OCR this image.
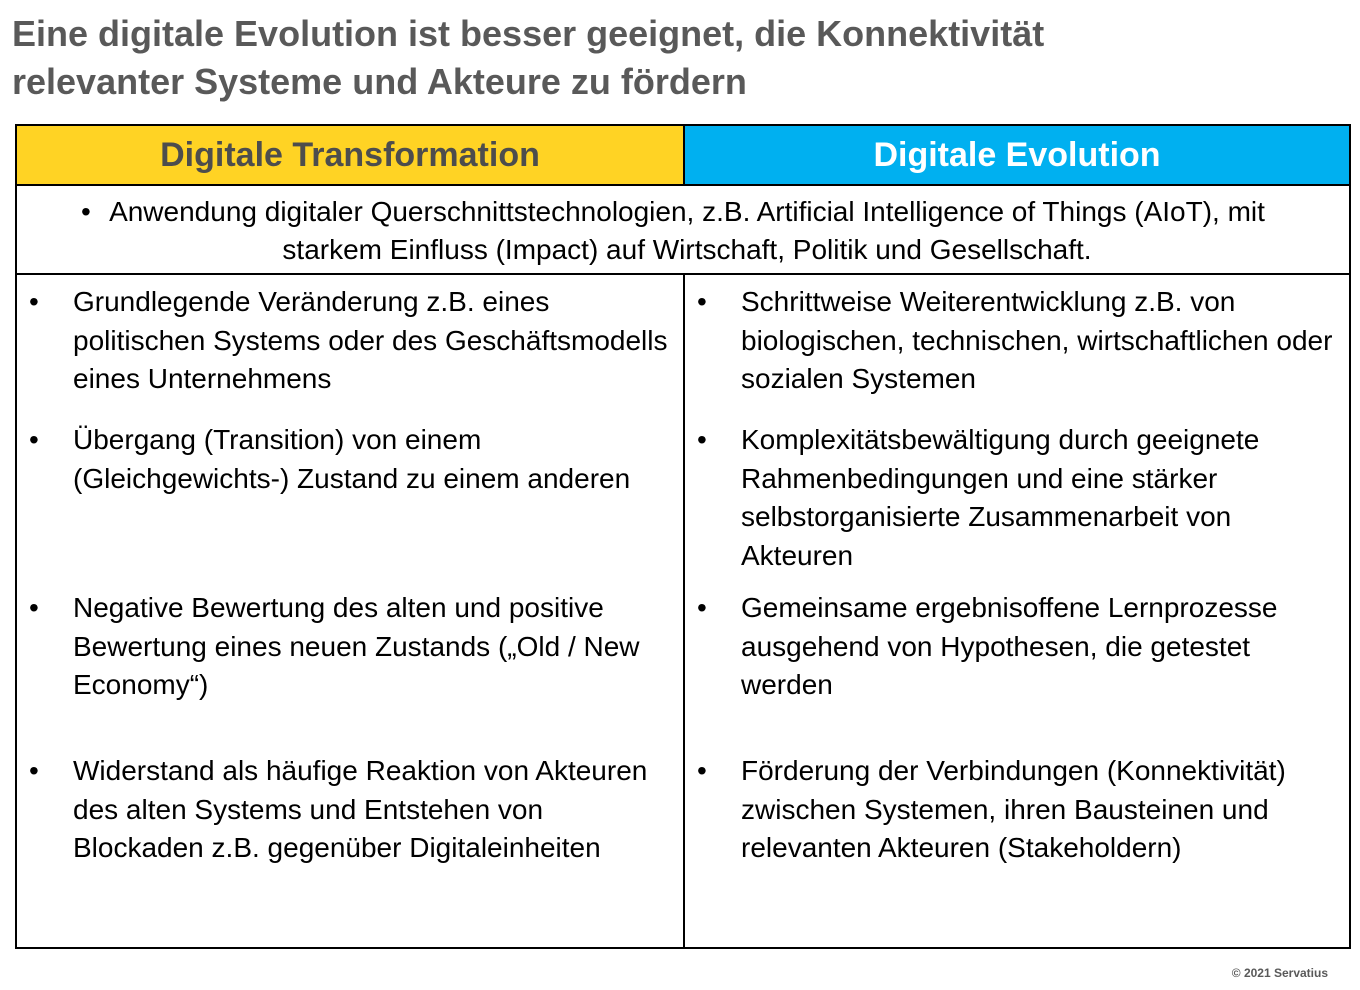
Eine digitale Evolution ist besser geeignet, die Konnektivität
relevanter Systeme und Akteure zu fördern
Digitale Transformation	Digitale Evolution
• Anwendung digitaler Querschnittstechnologien, z.B. Artificial Intelligence of Things (AIoT), mit starkem Einfluss (Impact) auf Wirtschaft, Politik und Gesellschaft.
• Grundlegende Veränderung z.B. eines politischen Systems oder des Geschäftsmodells eines Unternehmens
• Übergang (Transition) von einem (Gleichgewichts-) Zustand zu einem anderen
• Negative Bewertung des alten und positive Bewertung eines neuen Zustands („Old / New Economy“)
• Widerstand als häufige Reaktion von Akteuren des alten Systems und Entstehen von Blockaden z.B. gegenüber Digitaleinheiten
• Schrittweise Weiterentwicklung z.B. von biologischen, technischen, wirtschaftlichen oder sozialen Systemen
• Komplexitätsbewältigung durch geeignete Rahmenbedingungen und eine stärker selbstorganisierte Zusammenarbeit von Akteuren
• Gemeinsame ergebnisoffene Lernprozesse ausgehend von Hypothesen, die getestet werden
• Förderung der Verbindungen (Konnektivität) zwischen Systemen, ihren Bausteinen und relevanten Akteuren (Stakeholdern)
© 2021 Servatius
